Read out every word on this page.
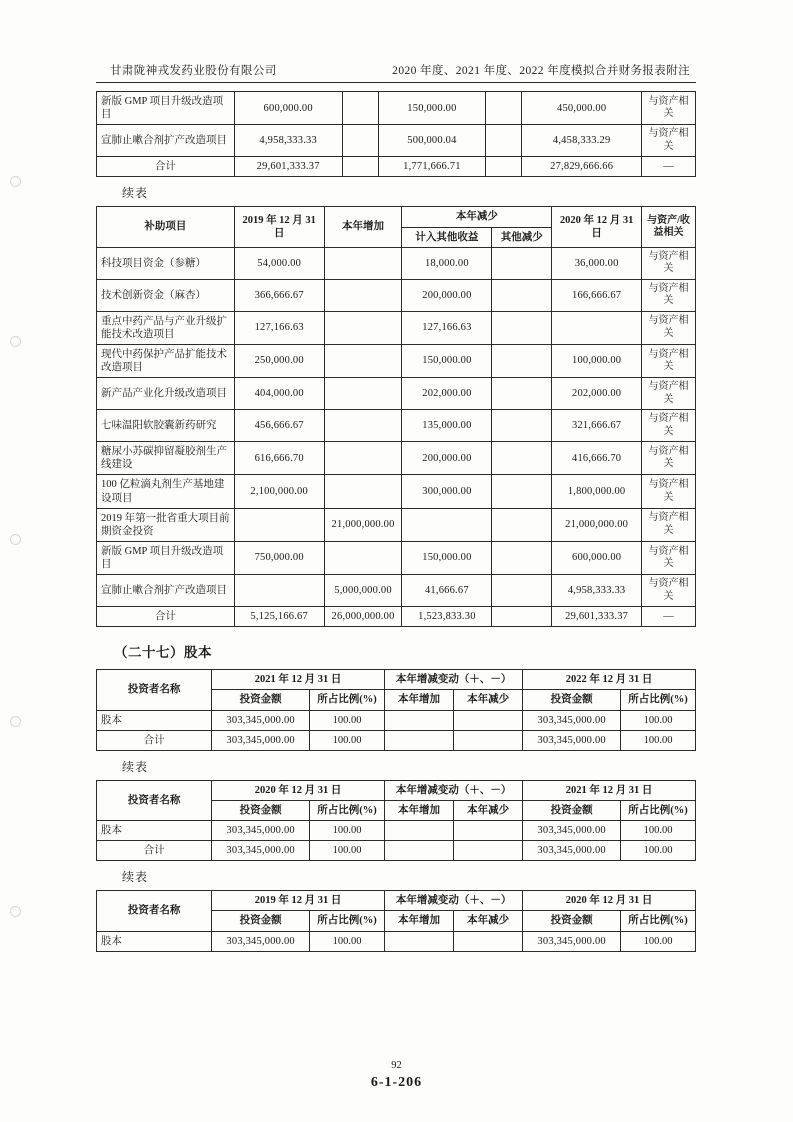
甘肃陇神戎发药业股份有限公司	2020 年度、2021 年度、2022 年度模拟合并财务报表附注
新版 GMP 项目升级改造项目	600,000.00		150,000.00		450,000.00	与资产相关
宣肺止嗽合剂扩产改造项目	4,958,333.33		500,000.04		4,458,333.29	与资产相关
合计	29,601,333.37		1,771,666.71		27,829,666.66	—
续表
补助项目	2019 年 12 月 31 日	本年增加	本年减少		2020 年 12 月 31 日	与资产/收益相关
			计入其他收益	其他减少		
科技项目资金（参糖）	54,000.00		18,000.00		36,000.00	与资产相关
技术创新资金（麻杏）	366,666.67		200,000.00		166,666.67	与资产相关
重点中药产品与产业升级扩能技术改造项目	127,166.63		127,166.63			与资产相关
现代中药保护产品扩能技术改造项目	250,000.00		150,000.00		100,000.00	与资产相关
新产品产业化升级改造项目	404,000.00		202,000.00		202,000.00	与资产相关
七味温阳软胶囊新药研究	456,666.67		135,000.00		321,666.67	与资产相关
糖尿小苏碳抑留凝胶剂生产线建设	616,666.70		200,000.00		416,666.70	与资产相关
100 亿粒滴丸剂生产基地建设项目	2,100,000.00		300,000.00		1,800,000.00	与资产相关
2019 年第一批省重大项目前期资金投资		21,000,000.00			21,000,000.00	与资产相关
新版 GMP 项目升级改造项目	750,000.00		150,000.00		600,000.00	与资产相关
宣肺止嗽合剂扩产改造项目		5,000,000.00	41,666.67		4,958,333.33	与资产相关
合计	5,125,166.67	26,000,000.00	1,523,833.30		29,601,333.37	—
（二十七）股本
投资者名称	2021 年 12 月 31 日		本年增减变动（＋、－）		2022 年 12 月 31 日	
	投资金额	所占比例(%)	本年增加	本年减少	投资金额	所占比例(%)
股本	303,345,000.00	100.00			303,345,000.00	100.00
合计	303,345,000.00	100.00			303,345,000.00	100.00
续表
投资者名称	2020 年 12 月 31 日		本年增减变动（＋、－）		2021 年 12 月 31 日	
	投资金额	所占比例(%)	本年增加	本年减少	投资金额	所占比例(%)
股本	303,345,000.00	100.00			303,345,000.00	100.00
合计	303,345,000.00	100.00			303,345,000.00	100.00
续表
投资者名称	2019 年 12 月 31 日		本年增减变动（＋、－）		2020 年 12 月 31 日	
	投资金额	所占比例(%)	本年增加	本年减少	投资金额	所占比例(%)
股本	303,345,000.00	100.00			303,345,000.00	100.00
92
6-1-206
